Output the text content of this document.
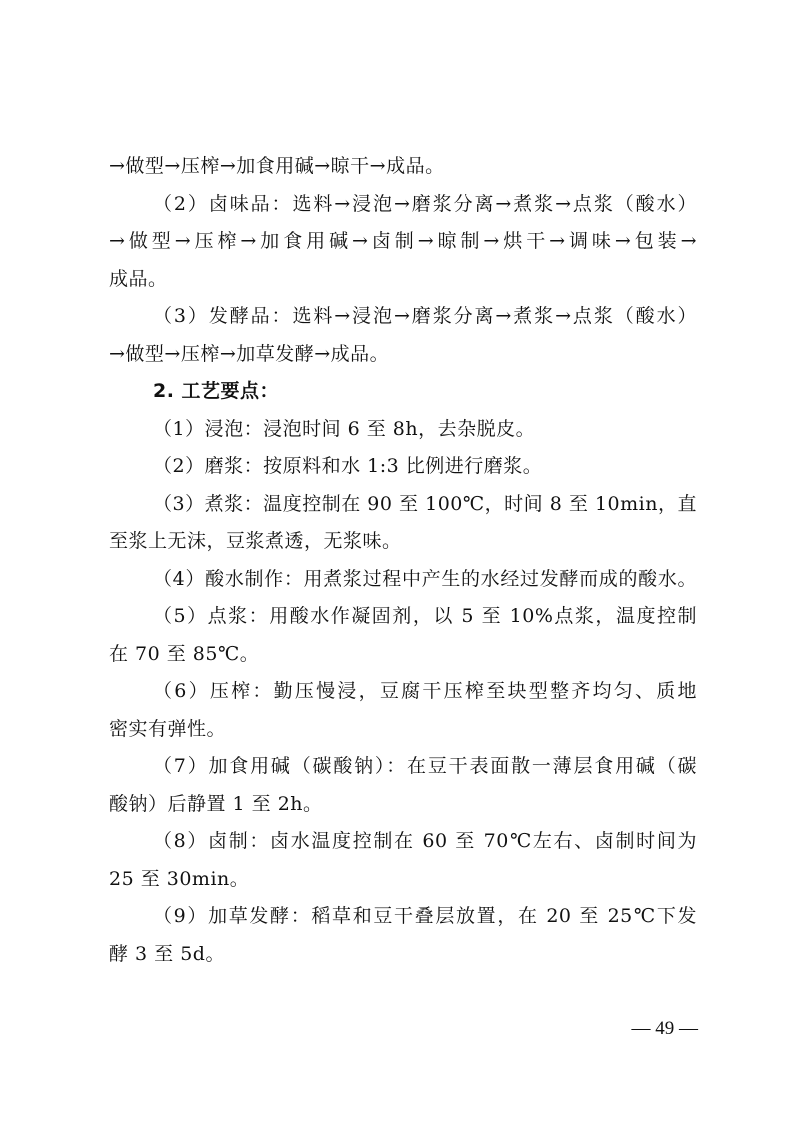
→做型→压榨→加食用碱→晾干→成品。
（2）卤味品：选料→浸泡→磨浆分离→煮浆→点浆（酸水）
→做型→压榨→加食用碱→卤制→晾制→烘干→调味→包装→
成品。
（3）发酵品：选料→浸泡→磨浆分离→煮浆→点浆（酸水）
→做型→压榨→加草发酵→成品。
2. 工艺要点：
（1）浸泡：浸泡时间 6 至 8h，去杂脱皮。
（2）磨浆：按原料和水 1:3 比例进行磨浆。
（3）煮浆：温度控制在 90 至 100℃，时间 8 至 10min，直
至浆上无沫，豆浆煮透，无浆味。
（4）酸水制作：用煮浆过程中产生的水经过发酵而成的酸水。
（5）点浆：用酸水作凝固剂，以 5 至 10%点浆，温度控制
在 70 至 85℃。
（6）压榨：勤压慢浸，豆腐干压榨至块型整齐均匀、质地
密实有弹性。
（7）加食用碱（碳酸钠）：在豆干表面散一薄层食用碱（碳
酸钠）后静置 1 至 2h。
（8）卤制：卤水温度控制在 60 至 70℃左右、卤制时间为
25 至 30min。
（9）加草发酵：稻草和豆干叠层放置，在 20 至 25℃下发
酵 3 至 5d。
— 49 —
